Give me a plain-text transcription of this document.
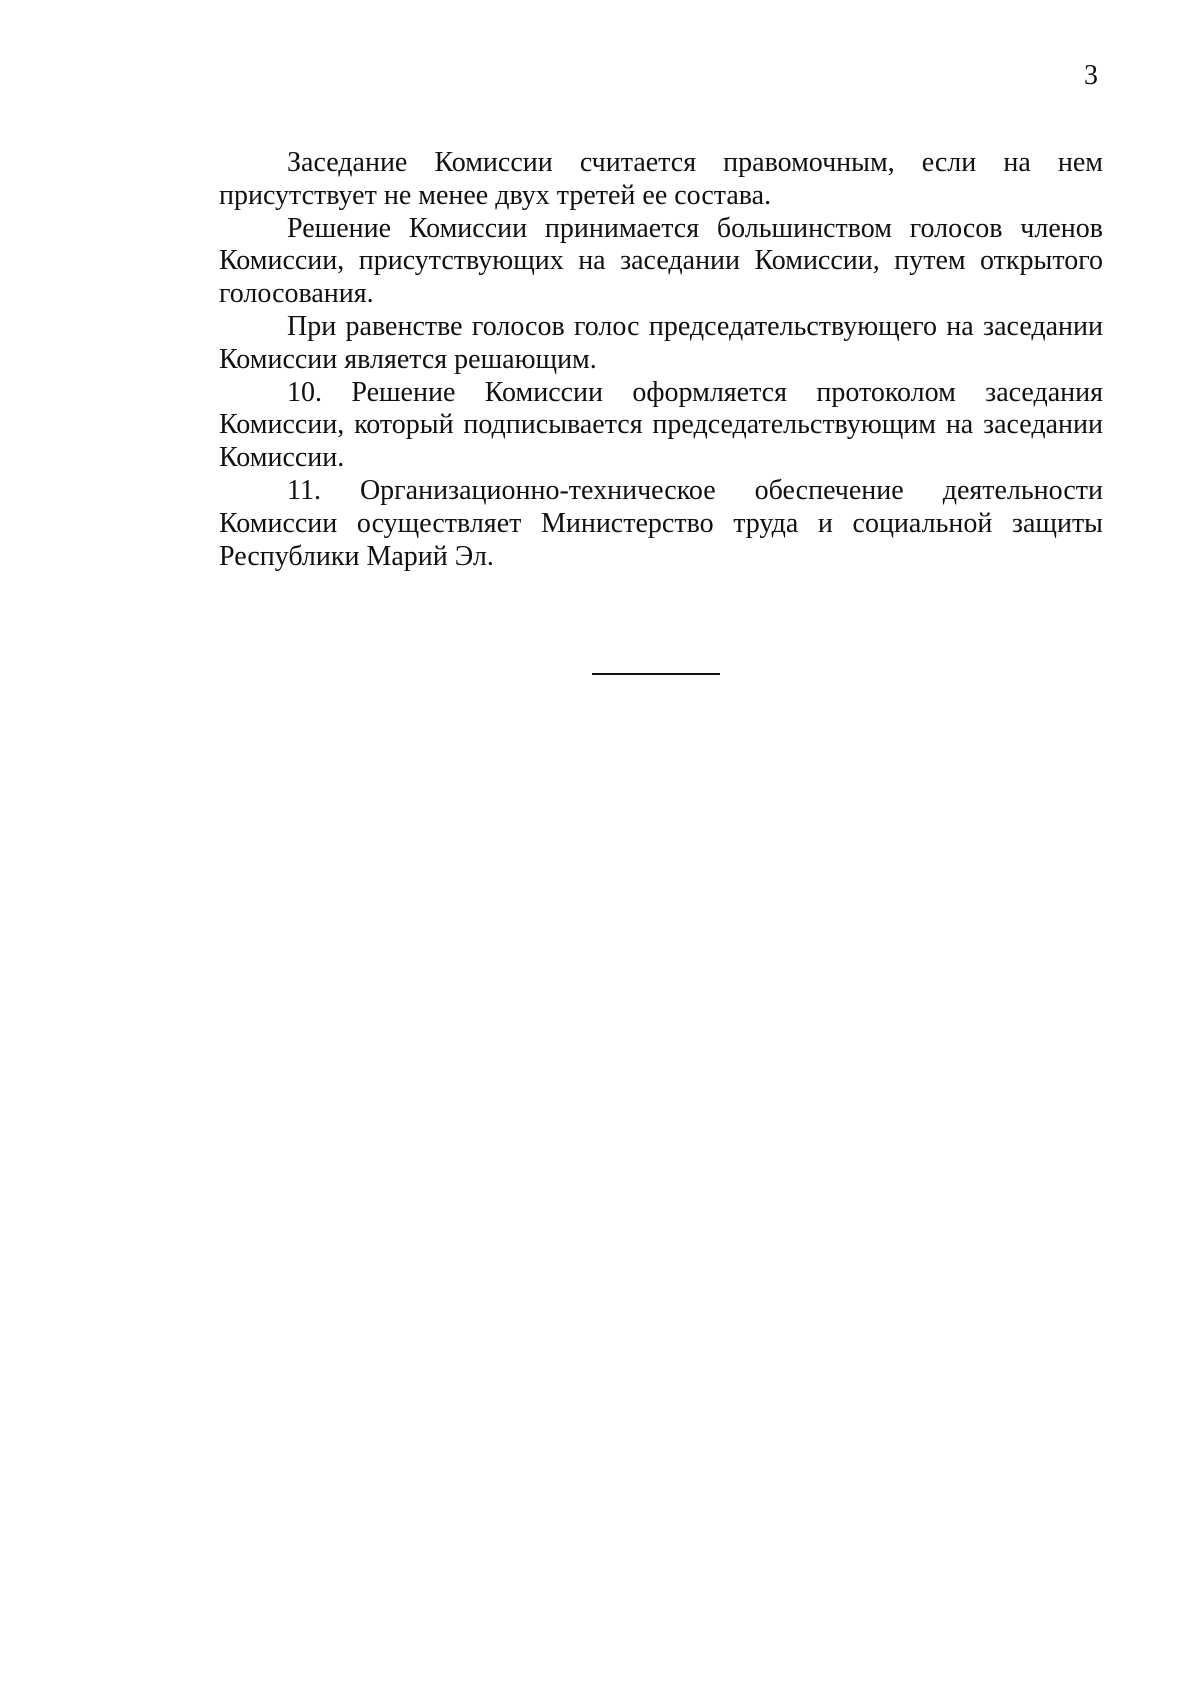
3

Заседание Комиссии считается правомочным, если на нем присутствует не менее двух третей ее состава.

Решение Комиссии принимается большинством голосов членов Комиссии, присутствующих на заседании Комиссии, путем открытого голосования.

При равенстве голосов голос председательствующего на заседании Комиссии является решающим.

10. Решение Комиссии оформляется протоколом заседания Комиссии, который подписывается председательствующим на заседании Комиссии.

11. Организационно-техническое обеспечение деятельности Комиссии осуществляет Министерство труда и социальной защиты Республики Марий Эл.
